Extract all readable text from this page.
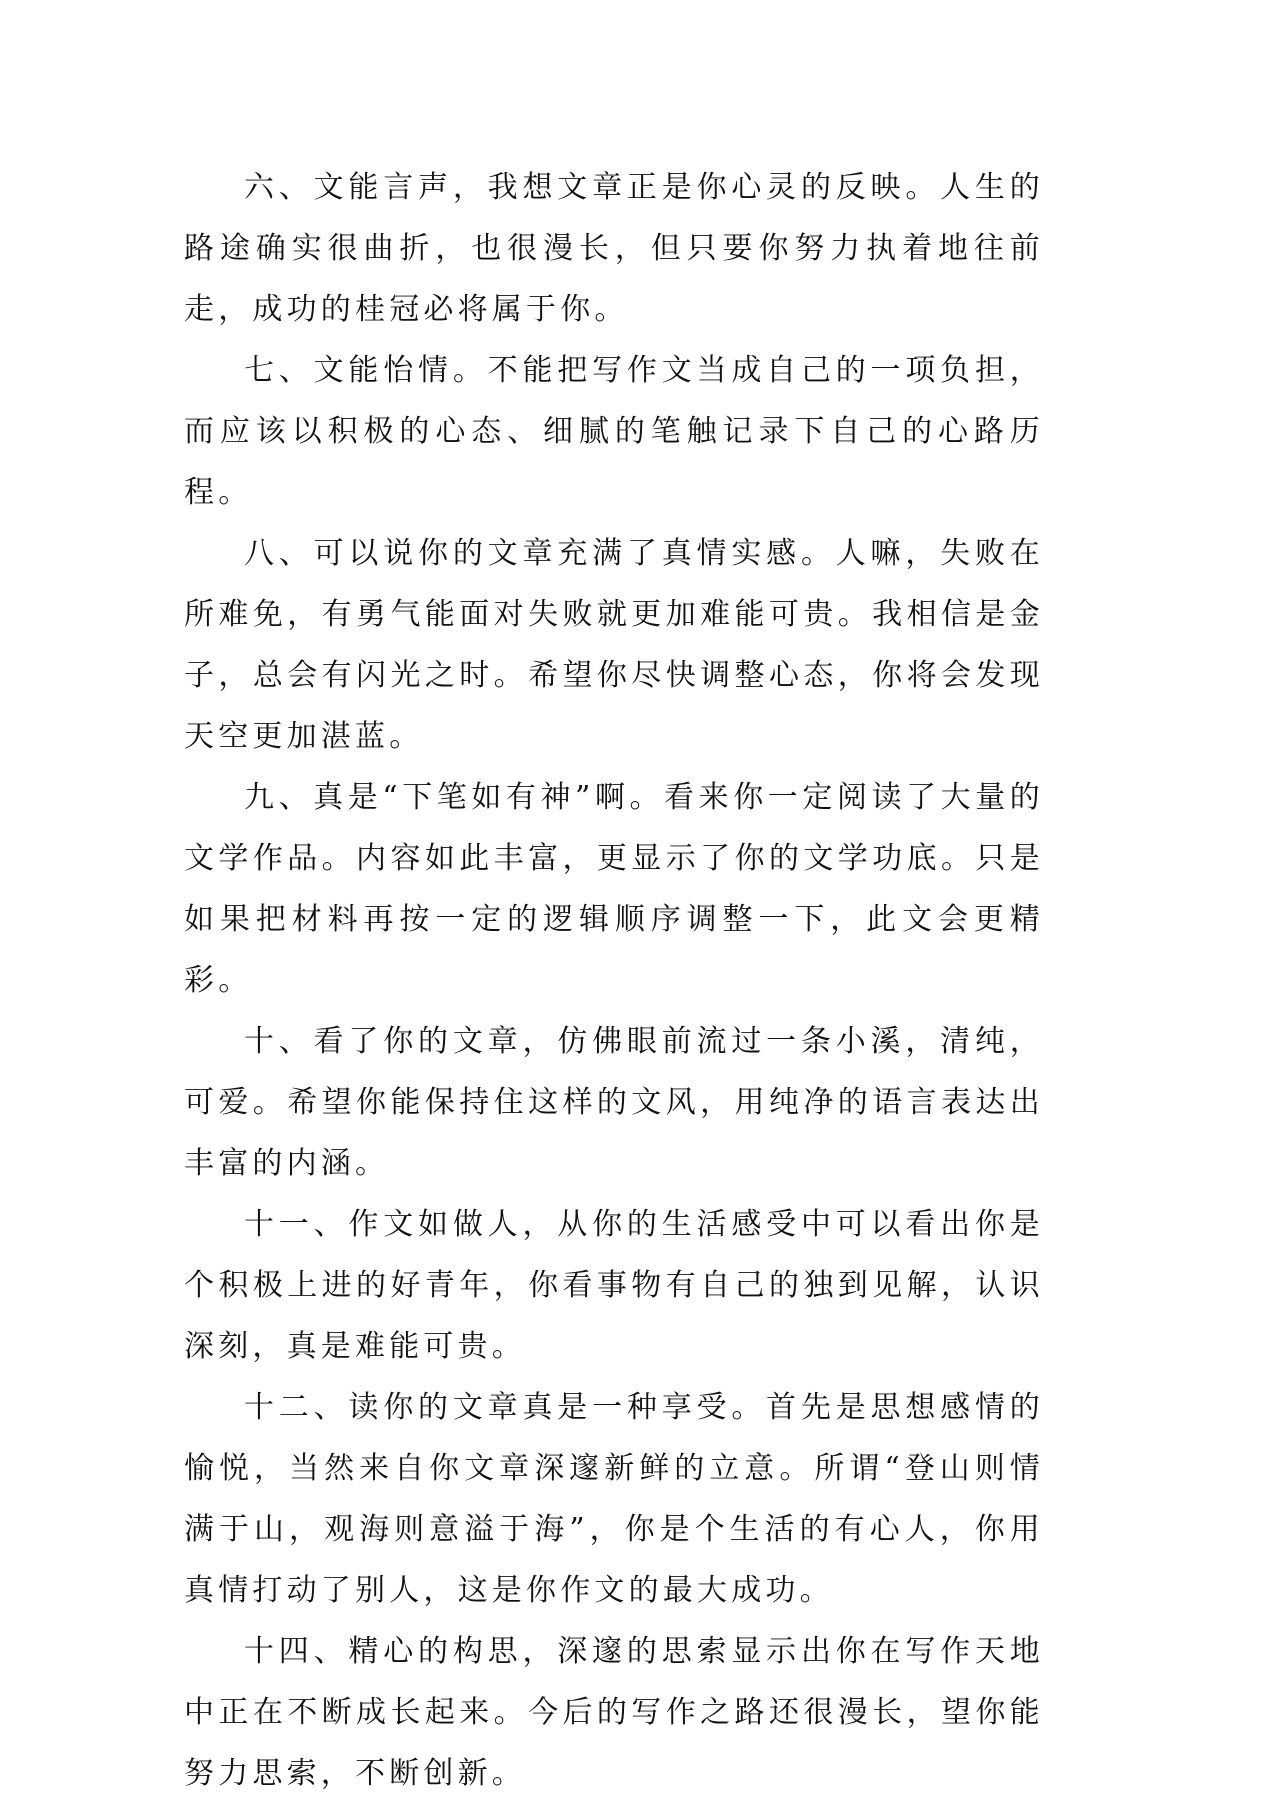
六、文能言声，我想文章正是你心灵的反映。人生的路途确实很曲折，也很漫长，但只要你努力执着地往前走，成功的桂冠必将属于你。

七、文能怡情。不能把写作文当成自己的一项负担，而应该以积极的心态、细腻的笔触记录下自己的心路历程。

八、可以说你的文章充满了真情实感。人嘛，失败在所难免，有勇气能面对失败就更加难能可贵。我相信是金子，总会有闪光之时。希望你尽快调整心态，你将会发现天空更加湛蓝。

九、真是“下笔如有神”啊。看来你一定阅读了大量的文学作品。内容如此丰富，更显示了你的文学功底。只是如果把材料再按一定的逻辑顺序调整一下，此文会更精彩。

十、看了你的文章，仿佛眼前流过一条小溪，清纯，可爱。希望你能保持住这样的文风，用纯净的语言表达出丰富的内涵。

十一、作文如做人，从你的生活感受中可以看出你是个积极上进的好青年，你看事物有自己的独到见解，认识深刻，真是难能可贵。

十二、读你的文章真是一种享受。首先是思想感情的愉悦，当然来自你文章深邃新鲜的立意。所谓“登山则情满于山，观海则意溢于海”，你是个生活的有心人，你用真情打动了别人，这是你作文的最大成功。

十四、精心的构思，深邃的思索显示出你在写作天地中正在不断成长起来。今后的写作之路还很漫长，望你能努力思索，不断创新。
